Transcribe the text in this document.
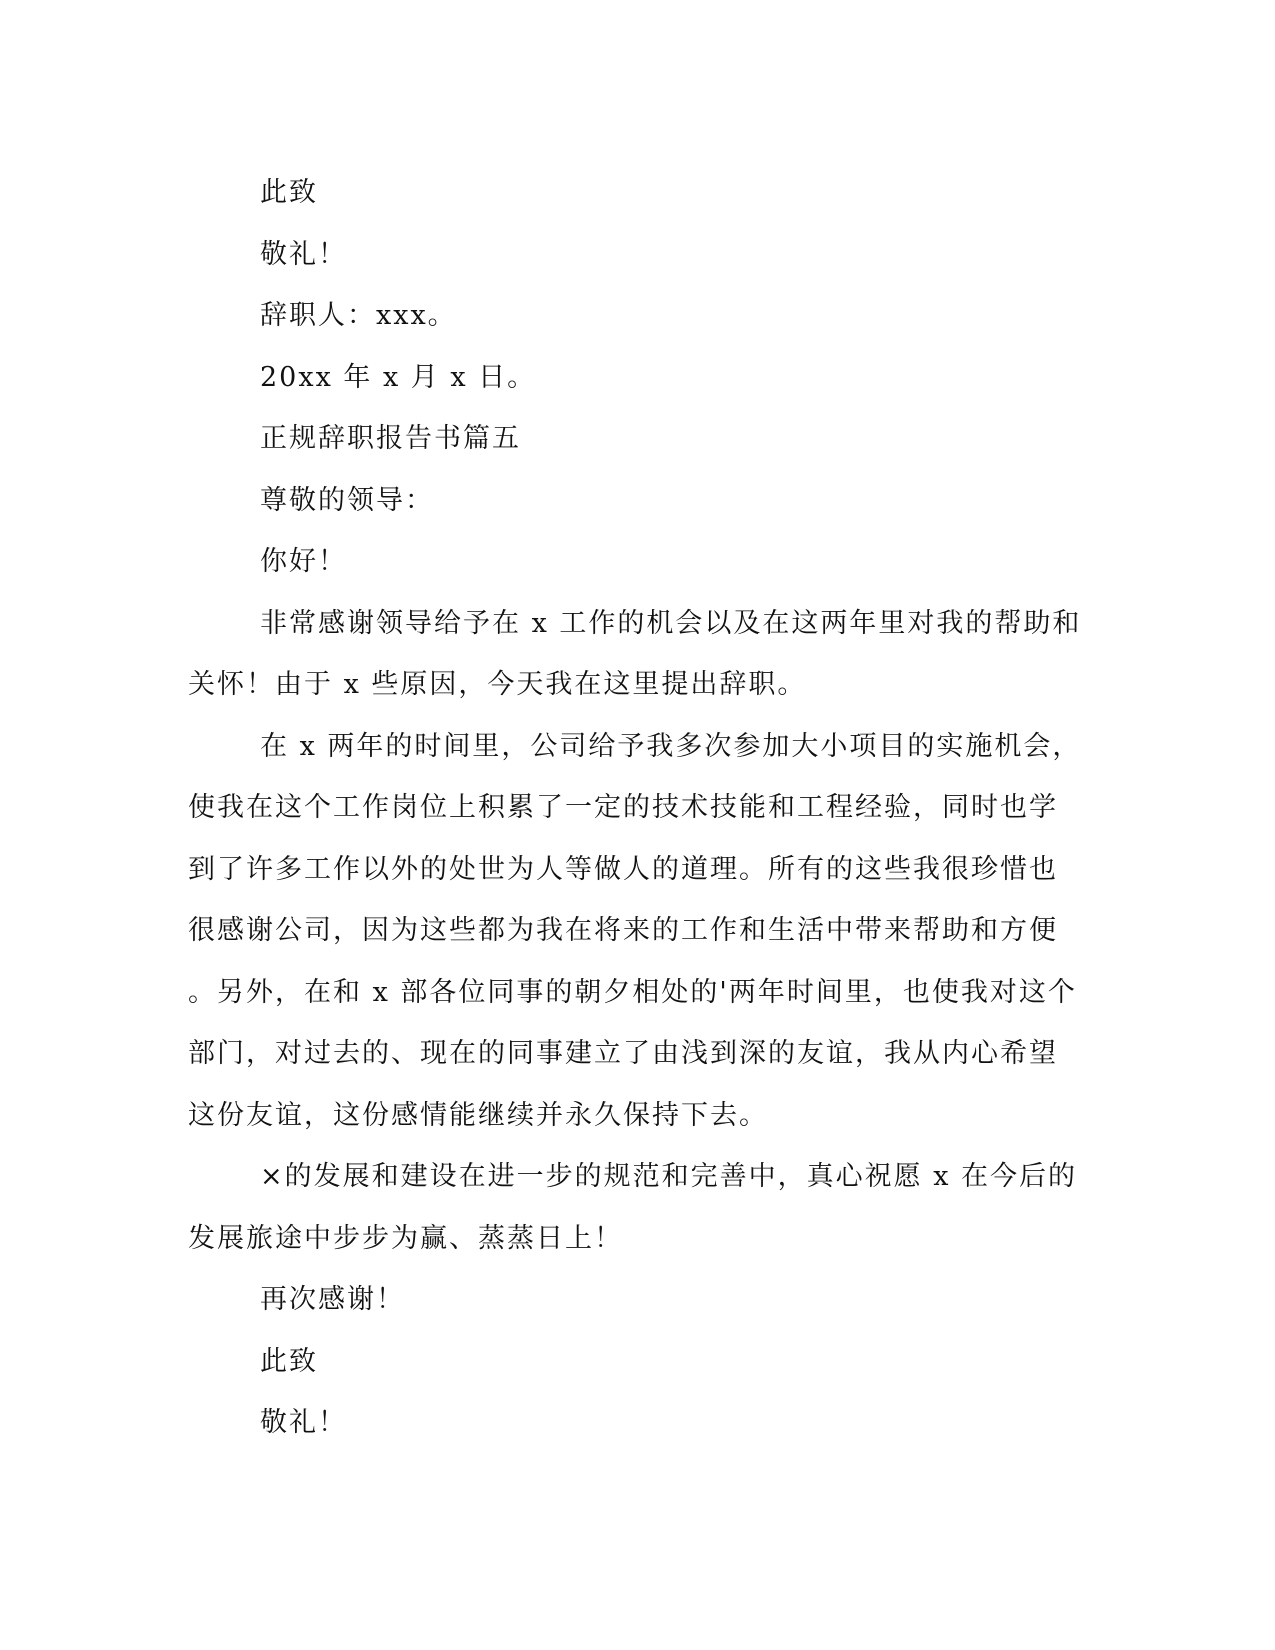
此致

敬礼！

辞职人：xxx。

20xx 年 x 月 x 日。

正规辞职报告书篇五

尊敬的领导：

你好！

非常感谢领导给予在 x 工作的机会以及在这两年里对我的帮助和

关怀！由于 x 些原因，今天我在这里提出辞职。

在 x 两年的时间里，公司给予我多次参加大小项目的实施机会，

使我在这个工作岗位上积累了一定的技术技能和工程经验，同时也学

到了许多工作以外的处世为人等做人的道理。所有的这些我很珍惜也

很感谢公司，因为这些都为我在将来的工作和生活中带来帮助和方便

。另外，在和 x 部各位同事的朝夕相处的'两年时间里，也使我对这个

部门，对过去的、现在的同事建立了由浅到深的友谊，我从内心希望

这份友谊，这份感情能继续并永久保持下去。

×的发展和建设在进一步的规范和完善中，真心祝愿 x 在今后的

发展旅途中步步为赢、蒸蒸日上！

再次感谢！

此致

敬礼！
